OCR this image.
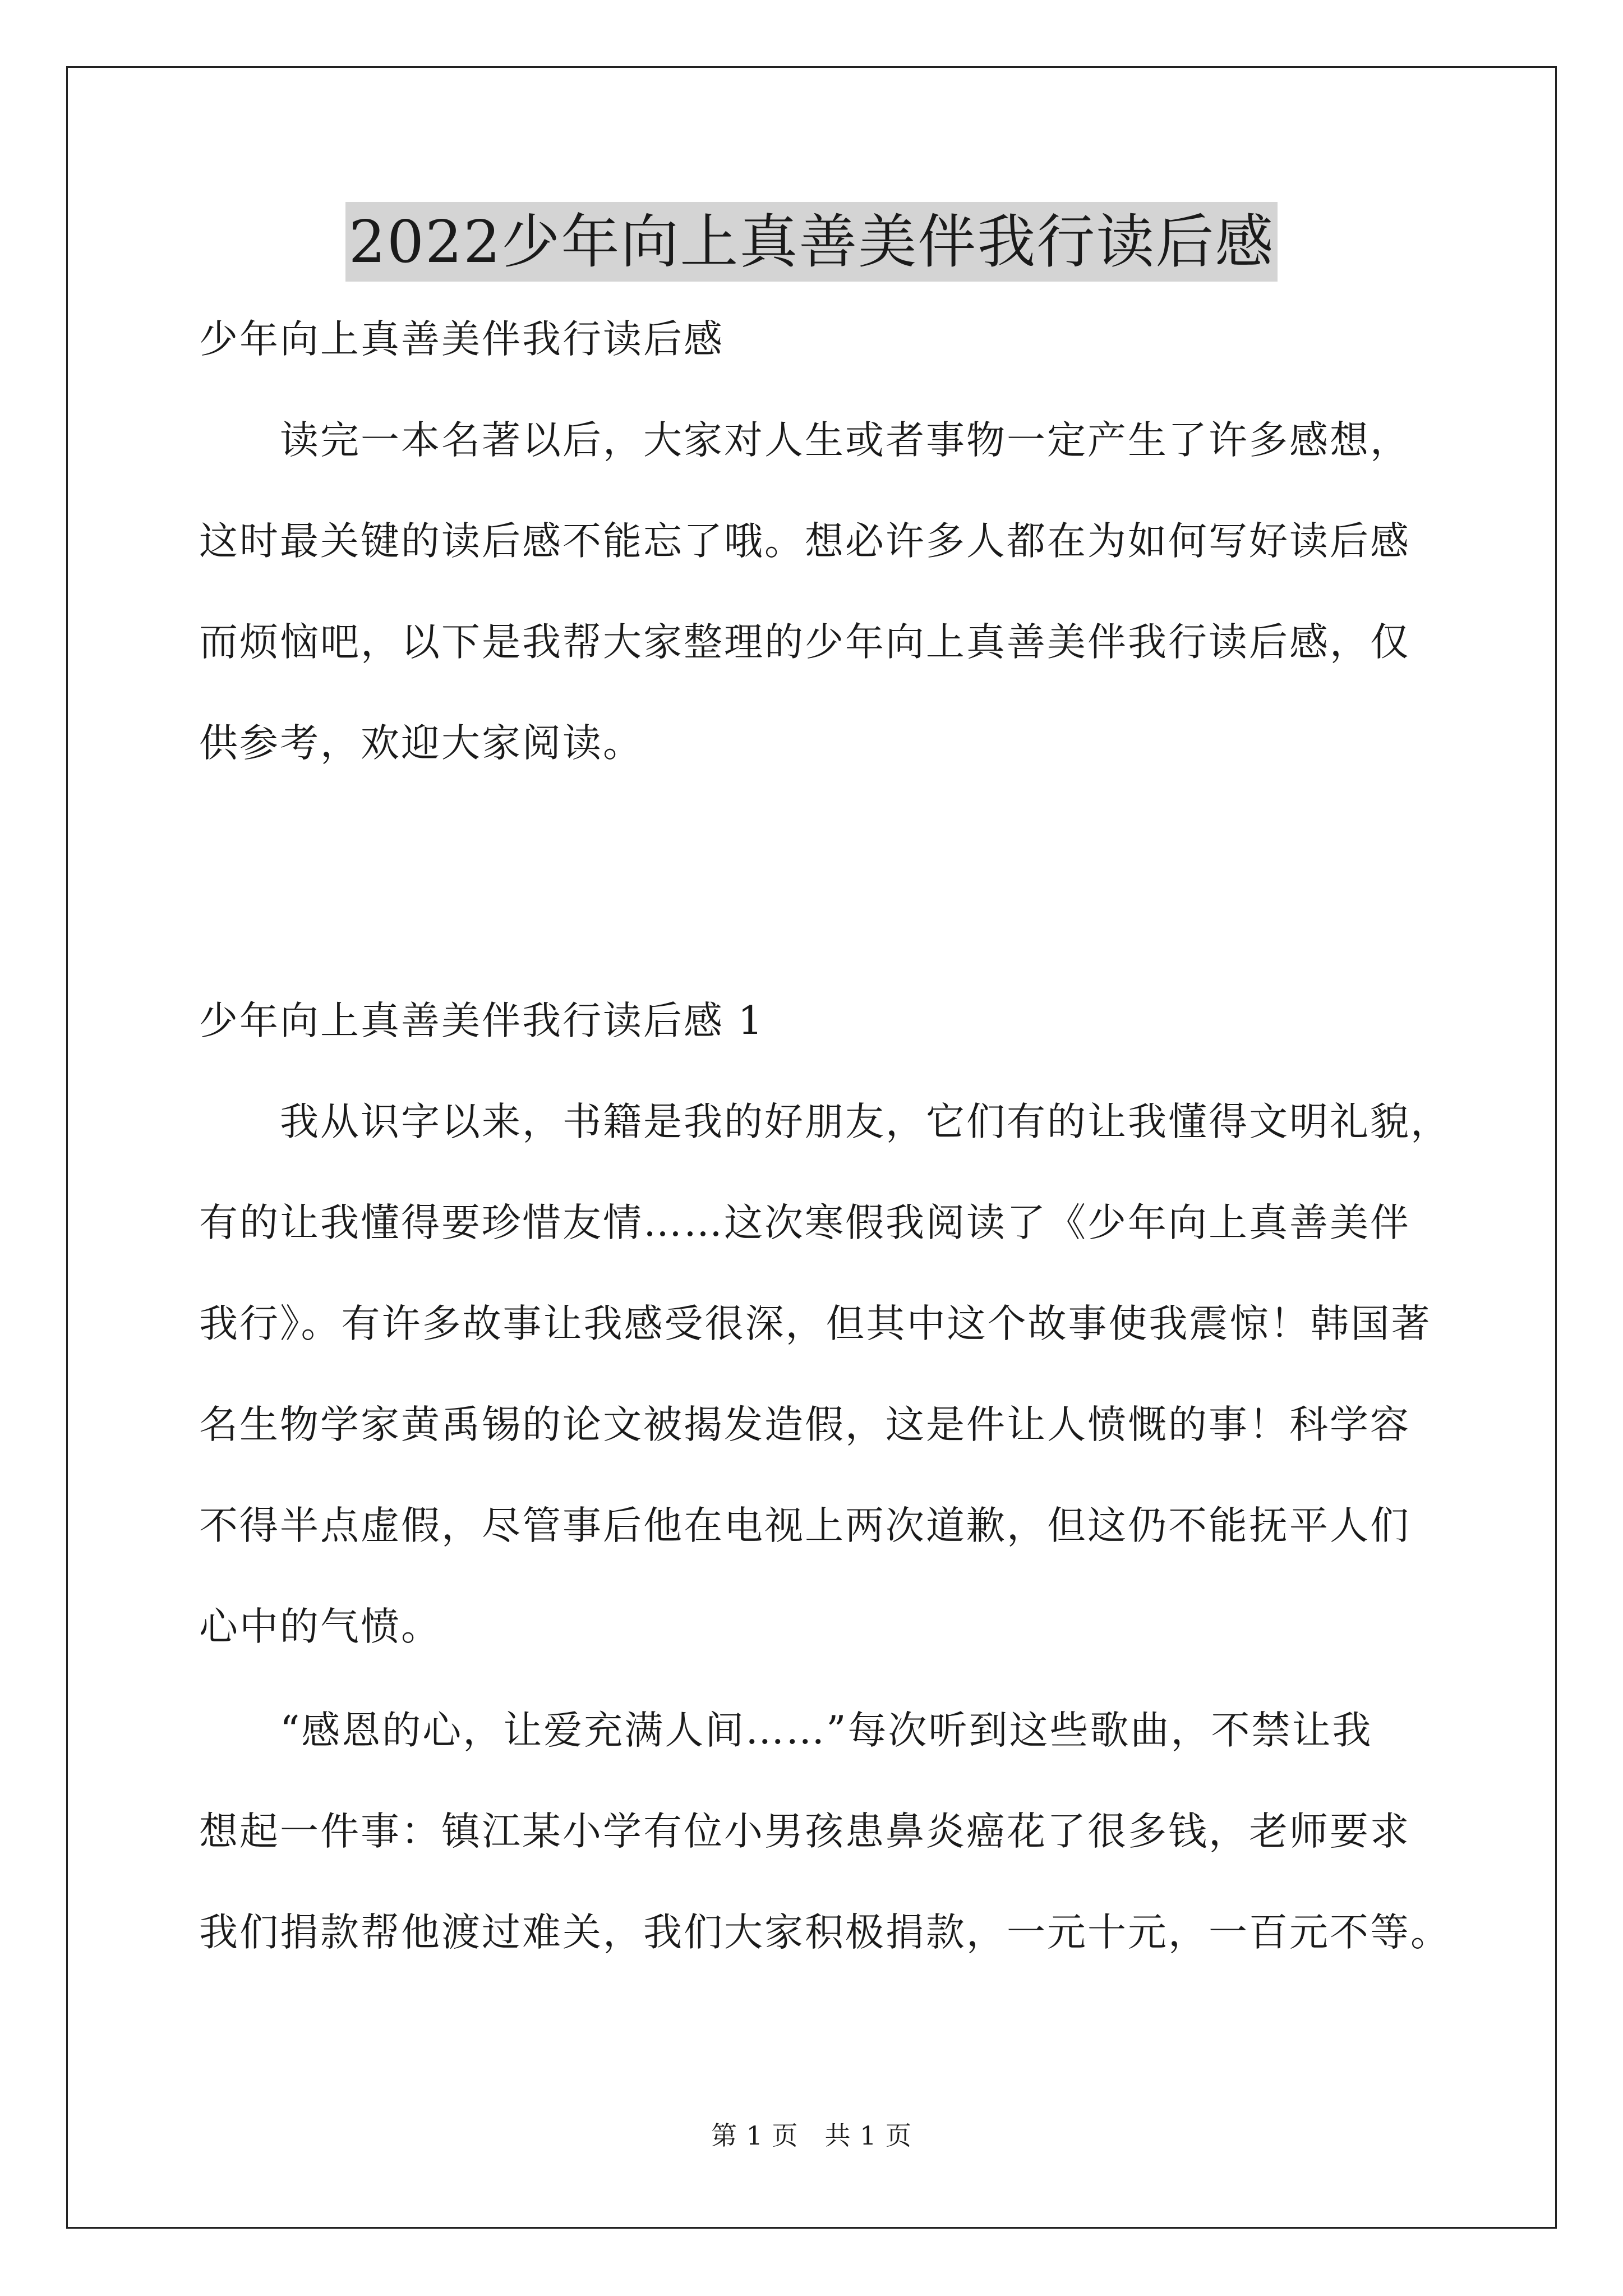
2022少年向上真善美伴我行读后感
少年向上真善美伴我行读后感
　　读完一本名著以后，大家对人生或者事物一定产生了许多感想，
这时最关键的读后感不能忘了哦。想必许多人都在为如何写好读后感
而烦恼吧，以下是我帮大家整理的少年向上真善美伴我行读后感，仅
供参考，欢迎大家阅读。
少年向上真善美伴我行读后感 1
　　我从识字以来，书籍是我的好朋友，它们有的让我懂得文明礼貌，
有的让我懂得要珍惜友情……这次寒假我阅读了《少年向上真善美伴
我行》。有许多故事让我感受很深，但其中这个故事使我震惊！韩国著
名生物学家黄禹锡的论文被揭发造假，这是件让人愤慨的事！科学容
不得半点虚假，尽管事后他在电视上两次道歉，但这仍不能抚平人们
心中的气愤。
　　“感恩的心，让爱充满人间……”每次听到这些歌曲，不禁让我
想起一件事：镇江某小学有位小男孩患鼻炎癌花了很多钱，老师要求
我们捐款帮他渡过难关，我们大家积极捐款，一元十元，一百元不等。
第 1 页　共 1 页
